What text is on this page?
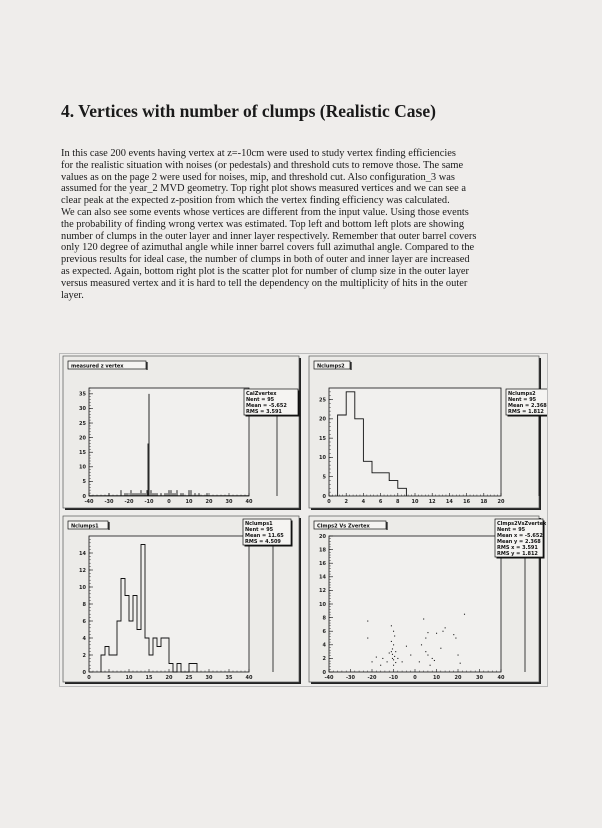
4. Vertices with number of clumps (Realistic Case)
In this case 200 events having vertex at z=-10cm were used to study vertex finding efficiencies
for the realistic situation with noises (or pedestals) and threshold cuts to remove those. The same
values as on the page 2 were used for noises, mip, and threshold cut. Also configuration_3 was
assumed for the year_2 MVD geometry. Top right plot shows measured vertices and we can see a
clear peak at the expected z-position from which the vertex finding efficiency was calculated.
We can also see some events whose vertices are different from the input value. Using those events
the probability of finding wrong vertex was estimated. Top left and bottom left plots are showing
number of clumps in the outer layer and inner layer respectively. Remember that outer barrel covers
only 120 degree of azimuthal angle while inner barrel covers full azimuthal angle. Compared to the
previous results for ideal case, the number of clumps in both of outer and inner layer are increased
as expected. Again, bottom right plot is the scatter plot for number of clump size in the outer layer
versus measured vertex and it is hard to tell the dependency on the multiplicity of hits in the outer
layer.
measured z vertex
-40 -30 -20 -10	0	10	20	30	40
0
5
10
15
20
25
30
35	CalZvertex
Nent = 95
Mean = -5.652
RMS = 3.591
Nclumps2
0	2	4	6	8 10 12 14 16 18 20
0
5
10
15
20
25
Nclumps2
Nent = 95
Mean = 2.368
RMS = 1.812
Nclumps1
0	5	10	15	20	25	30	35	40
0
2
4
6
8
10
12
14
Nclumps1
Nent = 95
Mean = 11.65
RMS = 4.509
Clmps2 Vs Zvertex
-40 -30 -20 -10	0	10	20	30	40
0
2
4
6
8
10
12
14
16
18
20
Clmps2VsZvertex
Nent = 95
Mean x = -5.652
Mean y = 2.368
RMS x = 3.591
RMS y = 1.812
